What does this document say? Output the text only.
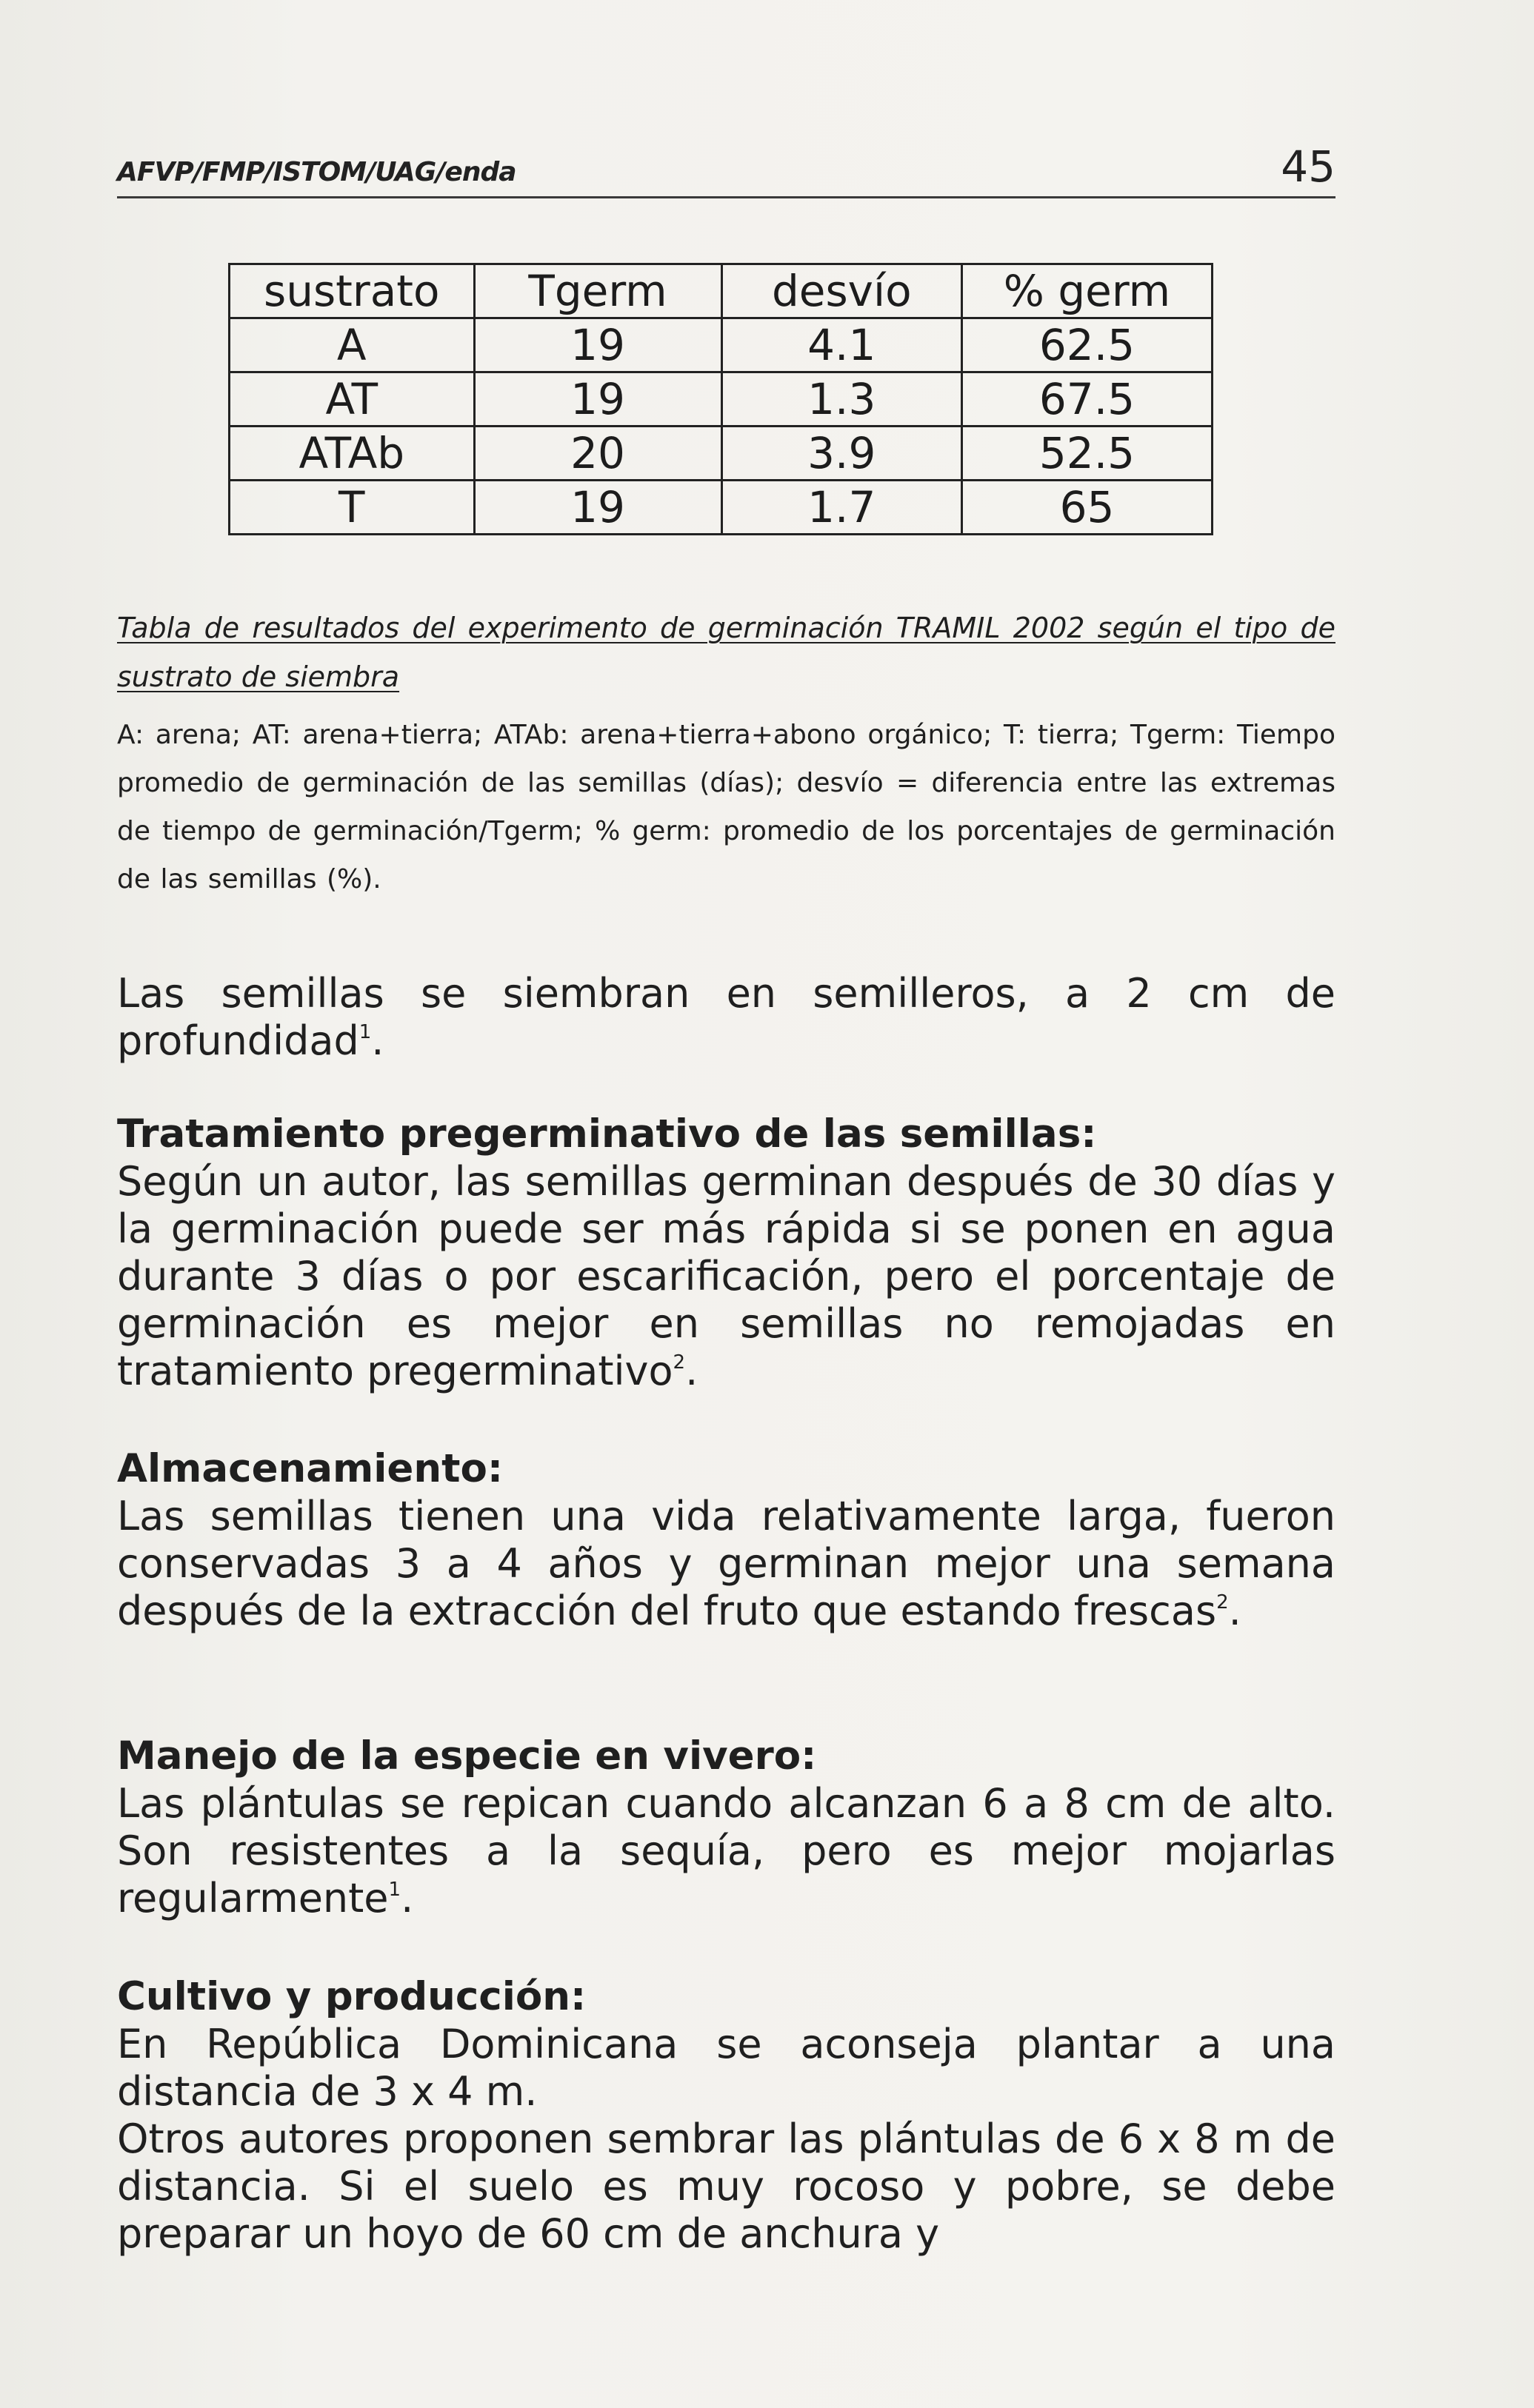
AFVP/FMP/ISTOM/UAG/enda	45
sustrato	Tgerm	desvío	% germ
A	19	4.1	62.5
AT	19	1.3	67.5
ATAb	20	3.9	52.5
T	19	1.7	65
Tabla de resultados del experimento de germinación TRAMIL 2002 según el tipo de sustrato de siembra
A: arena; AT: arena+tierra; ATAb: arena+tierra+abono orgánico; T: tierra; Tgerm: Tiempo promedio de germinación de las semillas (días); desvío = diferencia entre las extremas de tiempo de germinación/Tgerm; % germ: promedio de los porcentajes de germinación de las semillas (%).

Las semillas se siembran en semilleros, a 2 cm de profundidad$^1$.

Tratamiento pregerminativo de las semillas:

Según un autor, las semillas germinan después de 30 días y la germinación puede ser más rápida si se ponen en agua durante 3 días o por escarificación, pero el porcentaje de germinación es mejor en semillas no remojadas en tratamiento pregerminativo$^2$.

Almacenamiento:

Las semillas tienen una vida relativamente larga, fueron conservadas 3 a 4 años y germinan mejor una semana después de la extracción del fruto que estando frescas$^2$.

Manejo de la especie en vivero:

Las plántulas se repican cuando alcanzan 6 a 8 cm de alto. Son resistentes a la sequía, pero es mejor mojarlas regularmente$^1$.

Cultivo y producción:

En República Dominicana se aconseja plantar a una distancia de 3 x 4 m.

Otros autores proponen sembrar las plántulas de 6 x 8 m de distancia. Si el suelo es muy rocoso y pobre, se debe preparar un hoyo de 60 cm de anchura y
